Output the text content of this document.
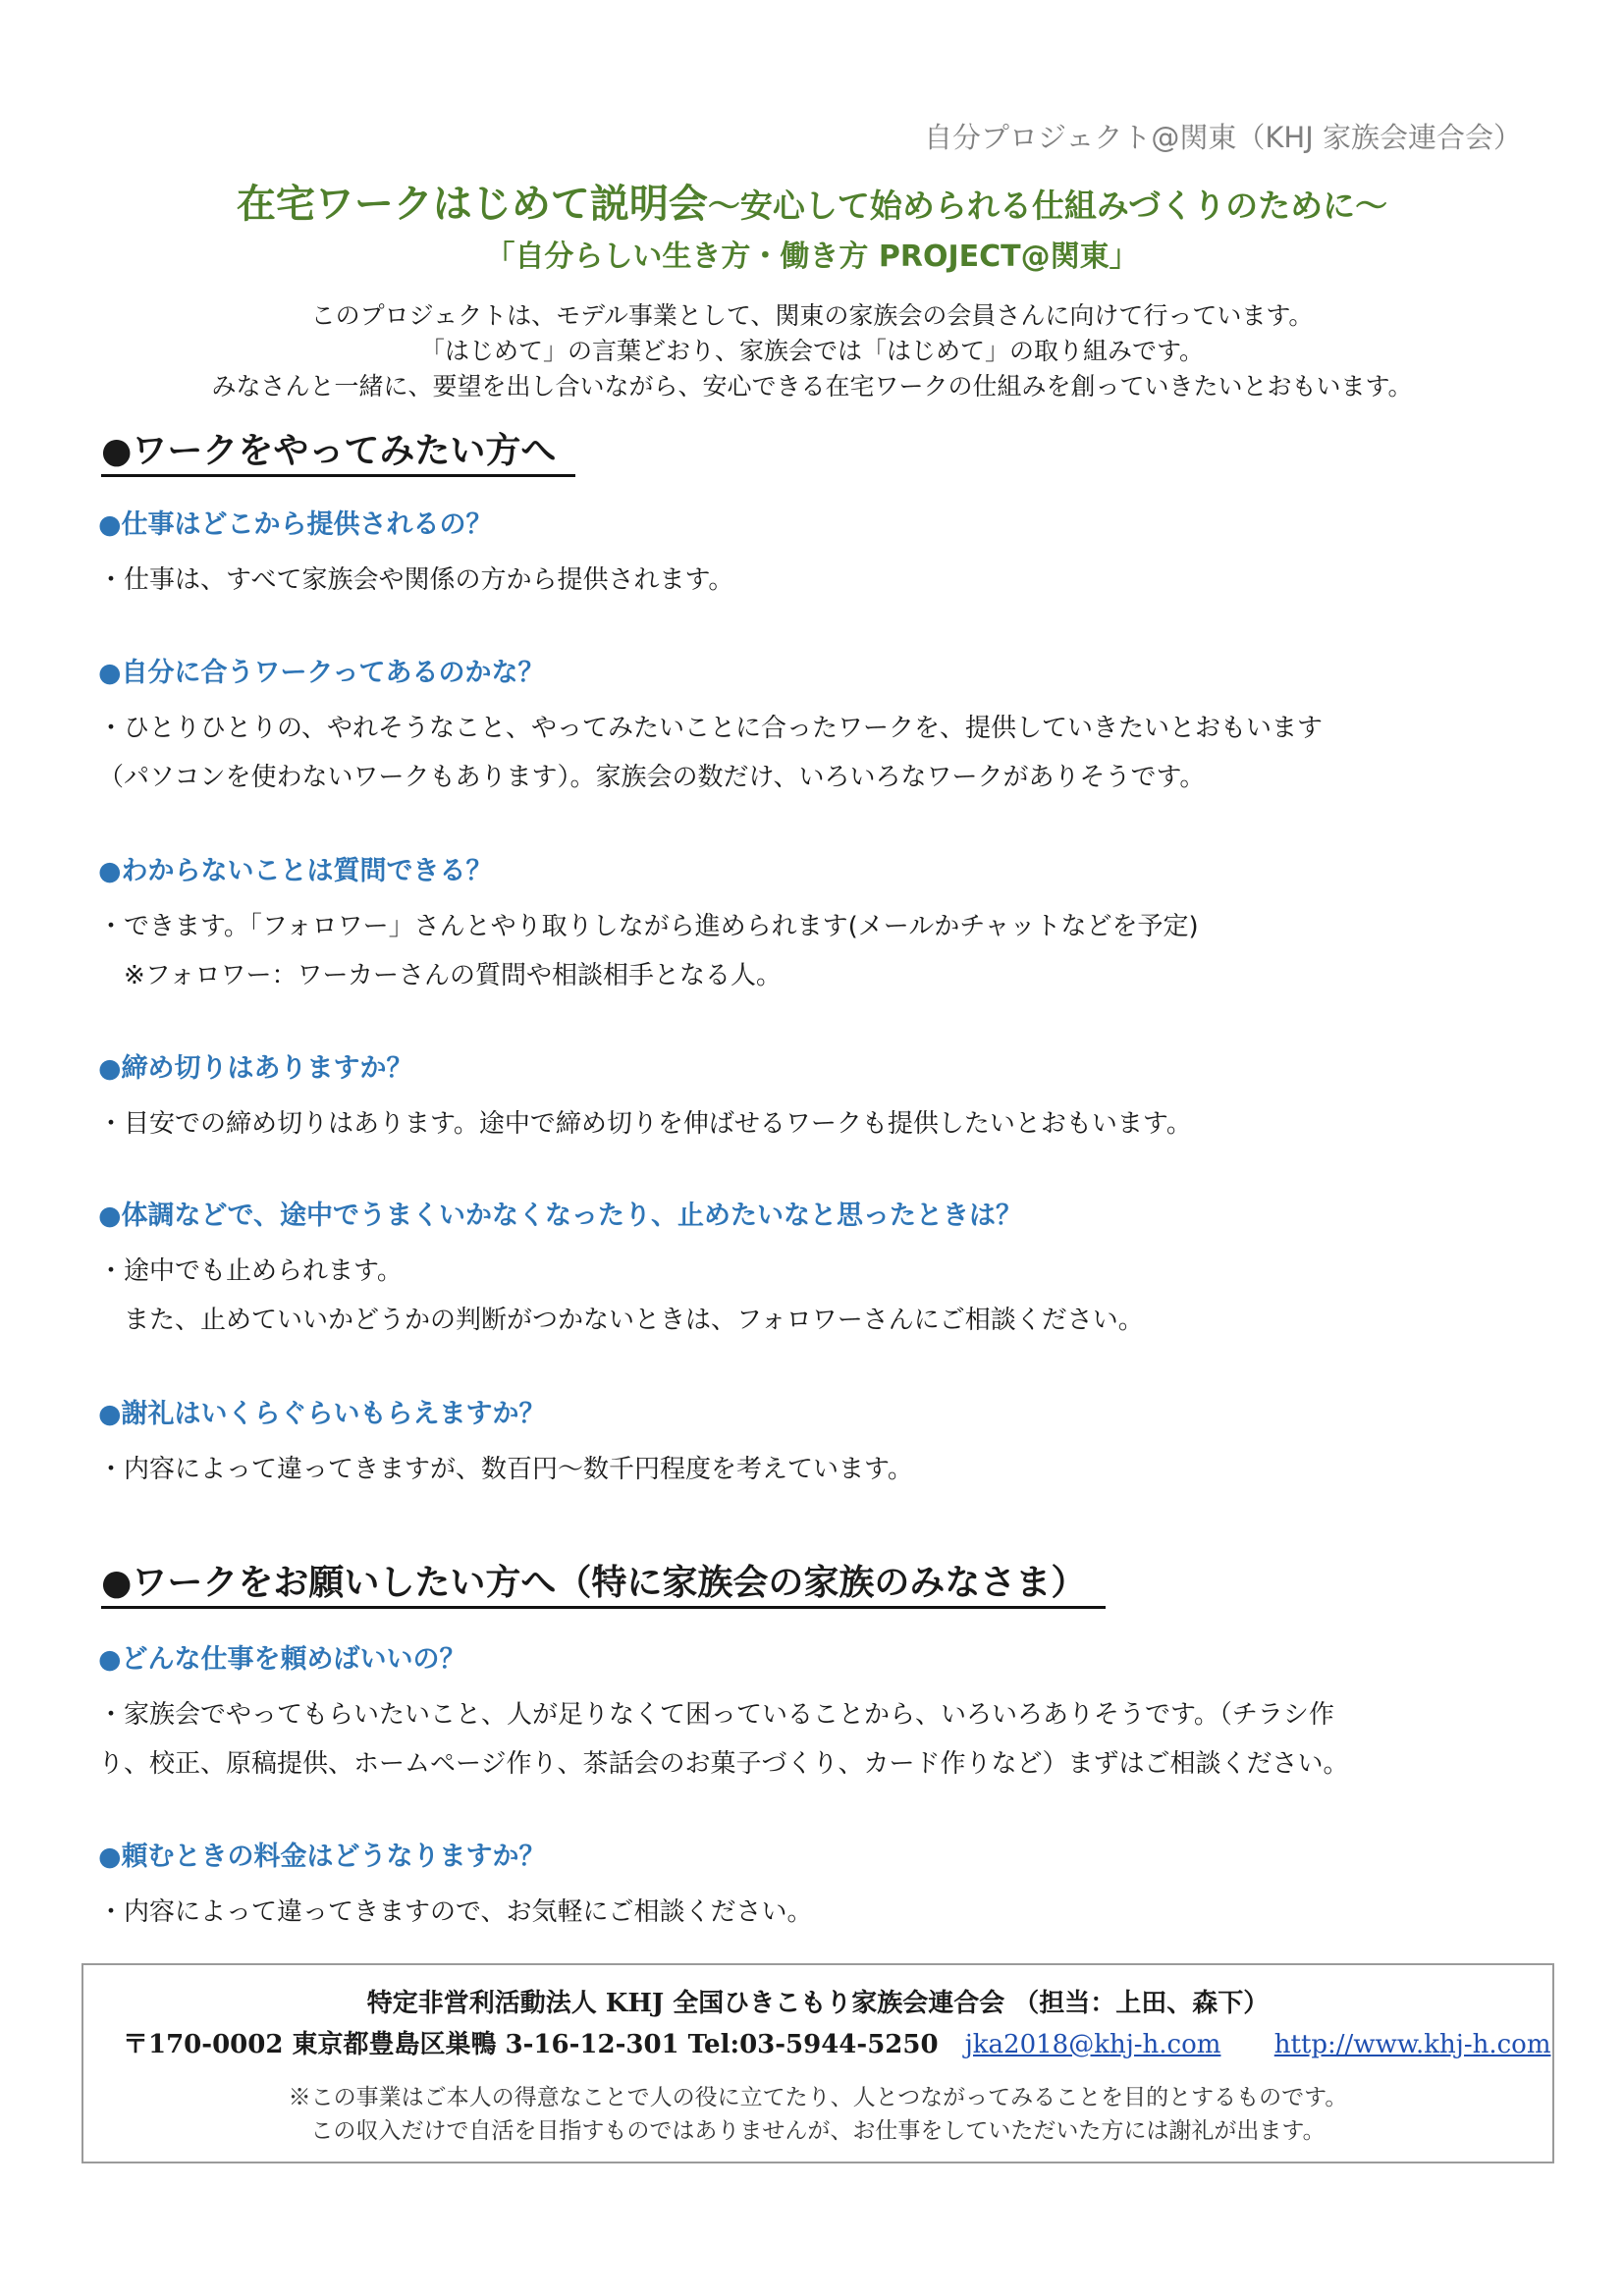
自分プロジェクト@関東（KHJ 家族会連合会）
在宅ワークはじめて説明会～安心して始められる仕組みづくりのために～
「自分らしい生き方・働き方 PROJECT@関東」
このプロジェクトは、モデル事業として、関東の家族会の会員さんに向けて行っています。
「はじめて」の言葉どおり、家族会では「はじめて」の取り組みです。
みなさんと一緒に、要望を出し合いながら、安心できる在宅ワークの仕組みを創っていきたいとおもいます。
●ワークをやってみたい方へ
●仕事はどこから提供されるの？
・仕事は、すべて家族会や関係の方から提供されます。
●自分に合うワークってあるのかな？
・ひとりひとりの、やれそうなこと、やってみたいことに合ったワークを、提供していきたいとおもいます
（パソコンを使わないワークもあります）。家族会の数だけ、いろいろなワークがありそうです。
●わからないことは質問できる？
・できます。「フォロワー」さんとやり取りしながら進められます(メールかチャットなどを予定)
　※フォロワー：ワーカーさんの質問や相談相手となる人。
●締め切りはありますか？
・目安での締め切りはあります。途中で締め切りを伸ばせるワークも提供したいとおもいます。
●体調などで、途中でうまくいかなくなったり、止めたいなと思ったときは？
・途中でも止められます。
　また、止めていいかどうかの判断がつかないときは、フォロワーさんにご相談ください。
●謝礼はいくらぐらいもらえますか？
・内容によって違ってきますが、数百円～数千円程度を考えています。
●ワークをお願いしたい方へ（特に家族会の家族のみなさま）
●どんな仕事を頼めばいいの？
・家族会でやってもらいたいこと、人が足りなくて困っていることから、いろいろありそうです。（チラシ作
り、校正、原稿提供、ホームページ作り、茶話会のお菓子づくり、カード作りなど）まずはご相談ください。
●頼むときの料金はどうなりますか？
・内容によって違ってきますので、お気軽にご相談ください。
特定非営利活動法人 KHJ 全国ひきこもり家族会連合会 （担当：上田、森下）
〒170-0002 東京都豊島区巣鴨 3-16-12-301 Tel:03-5944-5250 jka2018@khj-h.com http://www.khj-h.com
※この事業はご本人の得意なことで人の役に立てたり、人とつながってみることを目的とするものです。
この収入だけで自活を目指すものではありませんが、お仕事をしていただいた方には謝礼が出ます。
